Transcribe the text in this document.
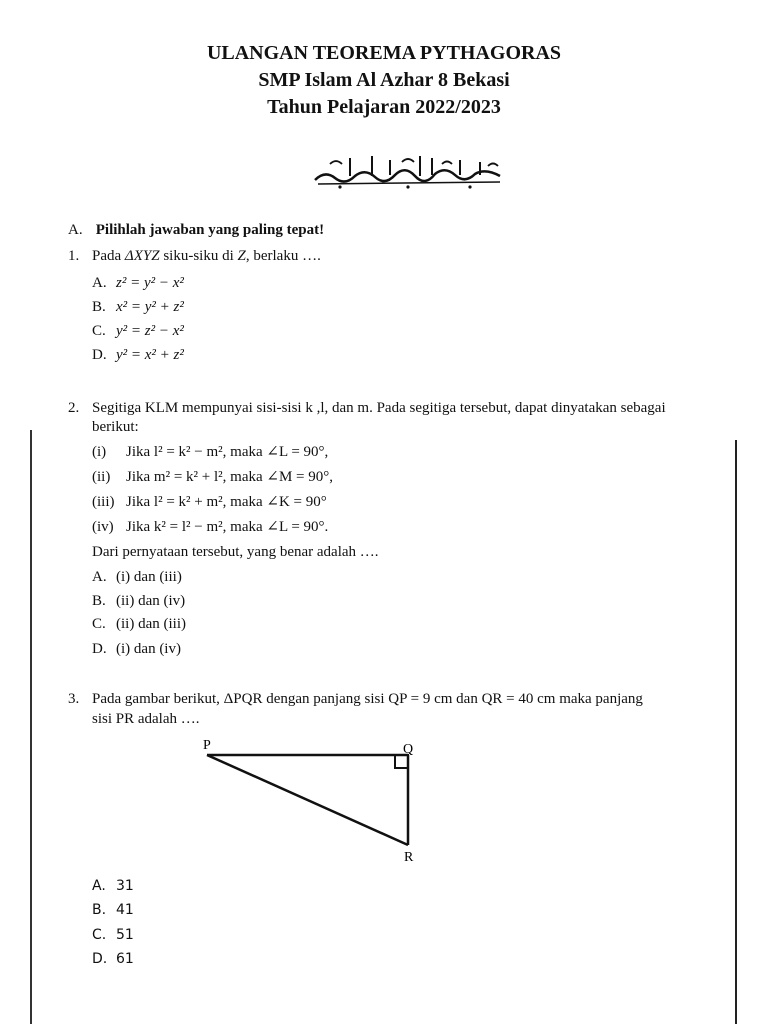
ULANGAN TEOREMA PYTHAGORAS
SMP Islam Al Azhar 8 Bekasi
Tahun Pelajaran 2022/2023
A. Pilihlah jawaban yang paling tepat!
1. Pada ΔXYZ siku-siku di Z, berlaku ….
A. z² = y² − x²
B. x² = y² + z²
C. y² = z² − x²
D. y² = x² + z²
2. Segitiga KLM mempunyai sisi-sisi k ,l, dan m. Pada segitiga tersebut, dapat dinyatakan sebagai
berikut:
(i) Jika l² = k² − m², maka ∠L = 90°,
(ii) Jika m² = k² + l², maka ∠M = 90°,
(iii) Jika l² = k² + m², maka ∠K = 90°
(iv) Jika k² = l² − m², maka ∠L = 90°.
Dari pernyataan tersebut, yang benar adalah ….
A. (i) dan (iii)
B. (ii) dan (iv)
C. (ii) dan (iii)
D. (i) dan (iv)
3. Pada gambar berikut, ΔPQR dengan panjang sisi QP = 9 cm dan QR = 40 cm maka panjang
sisi PR adalah ….
P	Q
R
A. 31
B. 41
C. 51
D. 61
